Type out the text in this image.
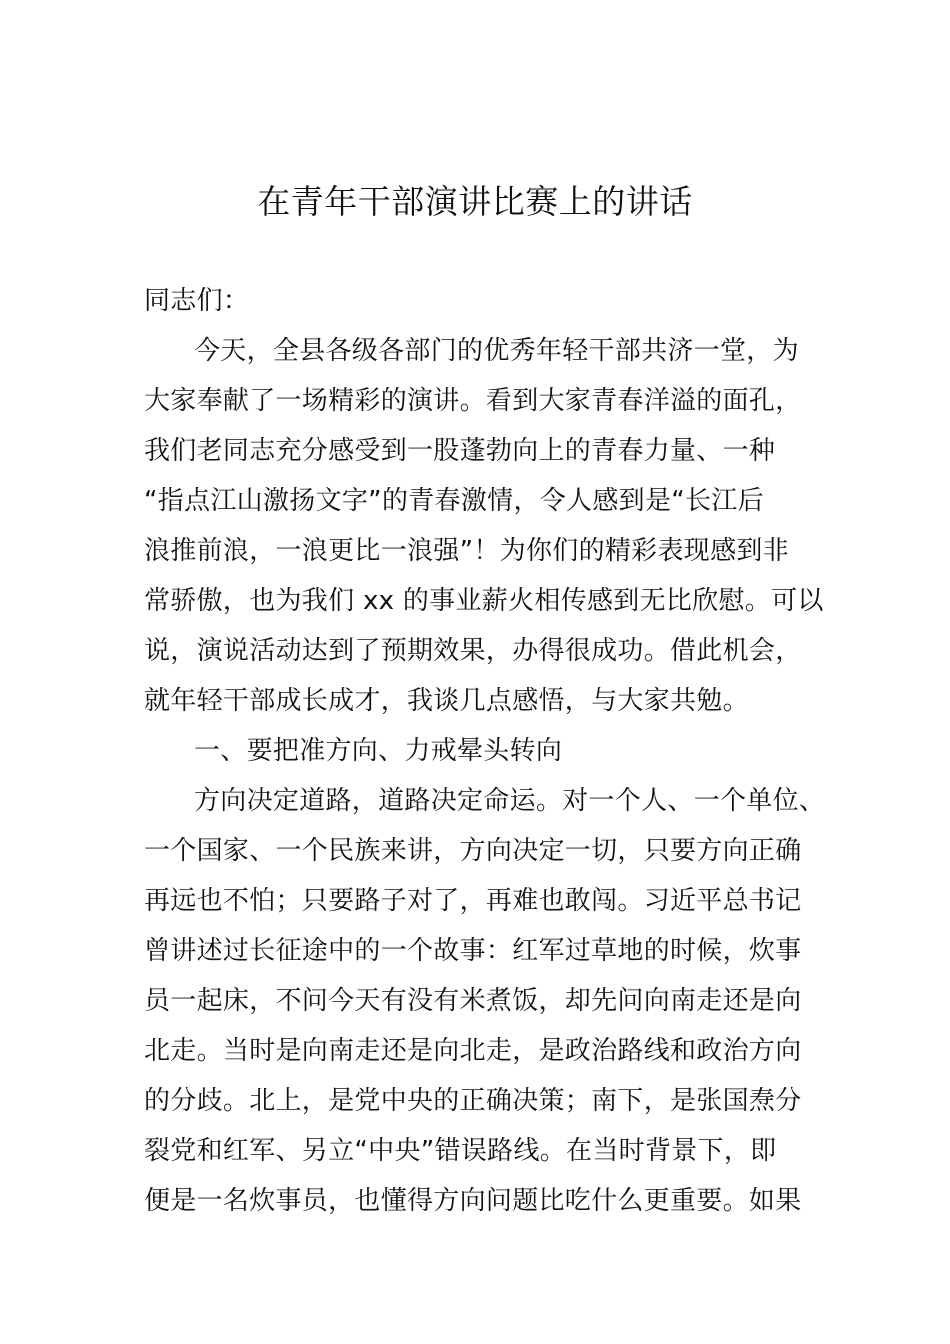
在青年干部演讲比赛上的讲话
同志们：
今天，全县各级各部门的优秀年轻干部共济一堂，为
大家奉献了一场精彩的演讲。看到大家青春洋溢的面孔，
我们老同志充分感受到一股蓬勃向上的青春力量、一种
“指点江山激扬文字”的青春激情，令人感到是“长江后
浪推前浪，一浪更比一浪强”！为你们的精彩表现感到非
常骄傲，也为我们 xx 的事业薪火相传感到无比欣慰。可以
说，演说活动达到了预期效果，办得很成功。借此机会，
就年轻干部成长成才，我谈几点感悟，与大家共勉。
一、要把准方向、力戒晕头转向
方向决定道路，道路决定命运。对一个人、一个单位、
一个国家、一个民族来讲，方向决定一切，只要方向正确
再远也不怕；只要路子对了，再难也敢闯。习近平总书记
曾讲述过长征途中的一个故事：红军过草地的时候，炊事
员一起床，不问今天有没有米煮饭，却先问向南走还是向
北走。当时是向南走还是向北走，是政治路线和政治方向
的分歧。北上，是党中央的正确决策；南下，是张国焘分
裂党和红军、另立“中央”错误路线。在当时背景下，即
便是一名炊事员，也懂得方向问题比吃什么更重要。如果
